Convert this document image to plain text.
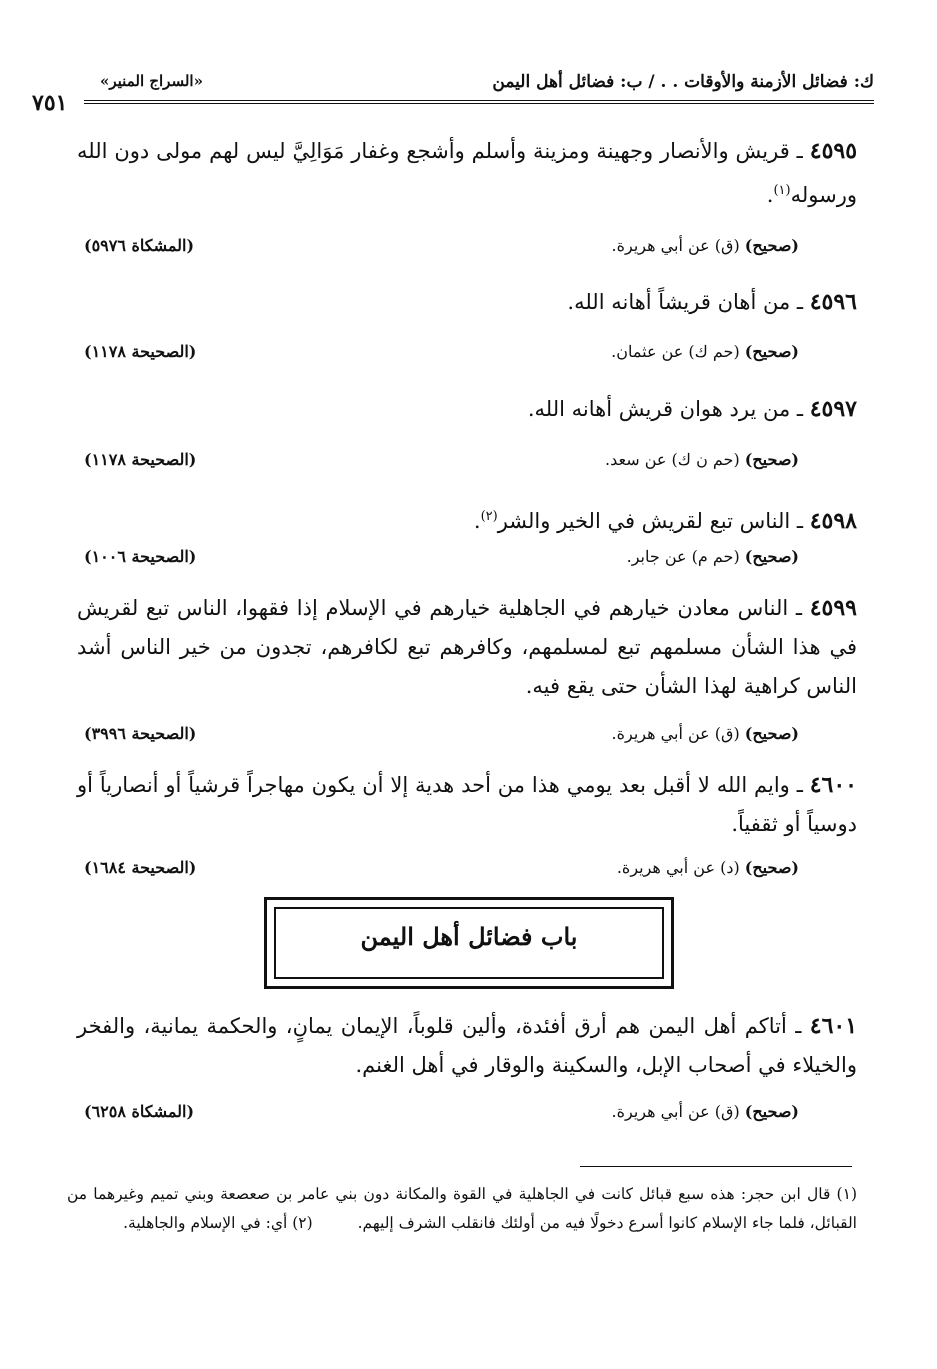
ك: فضائل الأزمنة والأوقات . . / ب: فضائل أهل اليمن
«السراج المنير»
٧٥١
٤٥٩٥ ـ قريش والأنصار وجهينة ومزينة وأسلم وأشجع وغفار مَوَالِيَّ ليس لهم مولى دون الله ورسوله$^{(١)}$.
(صحيح) (ق) عن أبي هريرة.
(المشكاة ٥٩٧٦)
٤٥٩٦ ـ من أهان قريشاً أهانه الله.
(صحيح) (حم ك) عن عثمان.
(الصحيحة ١١٧٨)
٤٥٩٧ ـ من يرد هوان قريش أهانه الله.
(صحيح) (حم ن ك) عن سعد.
(الصحيحة ١١٧٨)
٤٥٩٨ ـ الناس تبع لقريش في الخير والشر$^{(٢)}$.
(صحيح) (حم م) عن جابر.
(الصحيحة ١٠٠٦)
٤٥٩٩ ـ الناس معادن خيارهم في الجاهلية خيارهم في الإسلام إذا فقهوا، الناس تبع لقريش في هذا الشأن مسلمهم تبع لمسلمهم، وكافرهم تبع لكافرهم، تجدون من خير الناس أشد الناس كراهية لهذا الشأن حتى يقع فيه.
(صحيح) (ق) عن أبي هريرة.
(الصحيحة ٣٩٩٦)
٤٦٠٠ ـ وايم الله لا أقبل بعد يومي هذا من أحد هدية إلا أن يكون مهاجراً قرشياً أو أنصارياً أو دوسياً أو ثقفياً.
(صحيح) (د) عن أبي هريرة.
(الصحيحة ١٦٨٤)
باب فضائل أهل اليمن
٤٦٠١ ـ أتاكم أهل اليمن هم أرق أفئدة، وألين قلوباً، الإيمان يمانٍ، والحكمة يمانية، والفخر والخيلاء في أصحاب الإبل، والسكينة والوقار في أهل الغنم.
(صحيح) (ق) عن أبي هريرة.
(المشكاة ٦٢٥٨)
(١) قال ابن حجر: هذه سبع قبائل كانت في الجاهلية في القوة والمكانة دون بني عامر بن صعصعة وبني تميم وغيرهما من القبائل، فلما جاء الإسلام كانوا أسرع دخولًا فيه من أولئك فانقلب الشرف إليهم. (٢) أي: في الإسلام والجاهلية.
